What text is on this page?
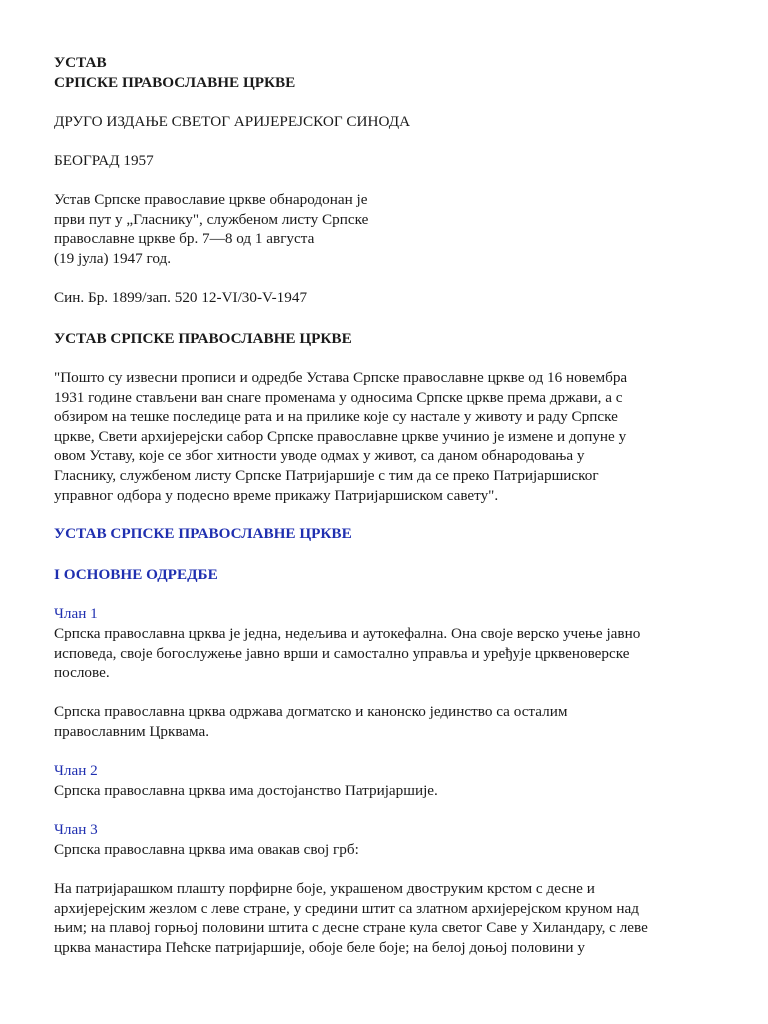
УСТАВ
СРПСКЕ ПРАВОСЛАВНЕ ЦРКВЕ
ДРУГО ИЗДАЊЕ СВЕТОГ АРИЈЕРЕЈСКОГ СИНОДА
БЕОГРАД 1957
Устав Српске православие цркве обнародонан је
први пут у „Гласнику", службеном листу Српске
православне цркве бр. 7—8 од 1 августа
(19 јула) 1947 год.
Син. Бр. 1899/зап. 520 12-VI/30-V-1947
УСТАВ СРПСКЕ ПРАВОСЛАВНЕ ЦРКВЕ
"Пошто су извесни прописи и одредбе Устава Српске православне цркве од 16 новембра
1931 године стављени ван снаге променама у односима Српске цркве према држави, а с
обзиром на тешке последице рата и на прилике које су настале у животу и раду Српске
цркве, Свети архијерејски сабор Српске православне цркве учинио је измене и допуне у
овом Уставу, које се због хитности уводе одмах у живот, са даном обнародовања у
Гласнику, службеном листу Српске Патријаршије с тим да се преко Патријаршиског
управног одбора у подесно време прикажу Патријаршиском савету".
УСТАВ СРПСКЕ ПРАВОСЛАВНЕ ЦРКВЕ
I ОСНОВНЕ ОДРЕДБЕ
Члан 1
Српска православна црква је једна, недељива и аутокефална. Она своје верско учење јавно
исповеда, своје богослужење јавно врши и самостално управља и уређује црквеноверске
послове.
Српска православна црква одржава догматско и канонско јединство са осталим
православним Црквама.
Члан 2
Српска православна црква има достојанство Патријаршије.
Члан 3
Српска православна црква има овакав свој грб:
На патријарашком плашту порфирне боје, украшеном двоструким крстом с десне и
архијерејским жезлом с леве стране, у средини штит са златном архијерејском круном над
њим; на плавој горњој половини штита с десне стране кула светог Саве у Хиландару, с леве
црква манастира Пећске патријаршије, обоје беле боје; на белој доњој половини у
